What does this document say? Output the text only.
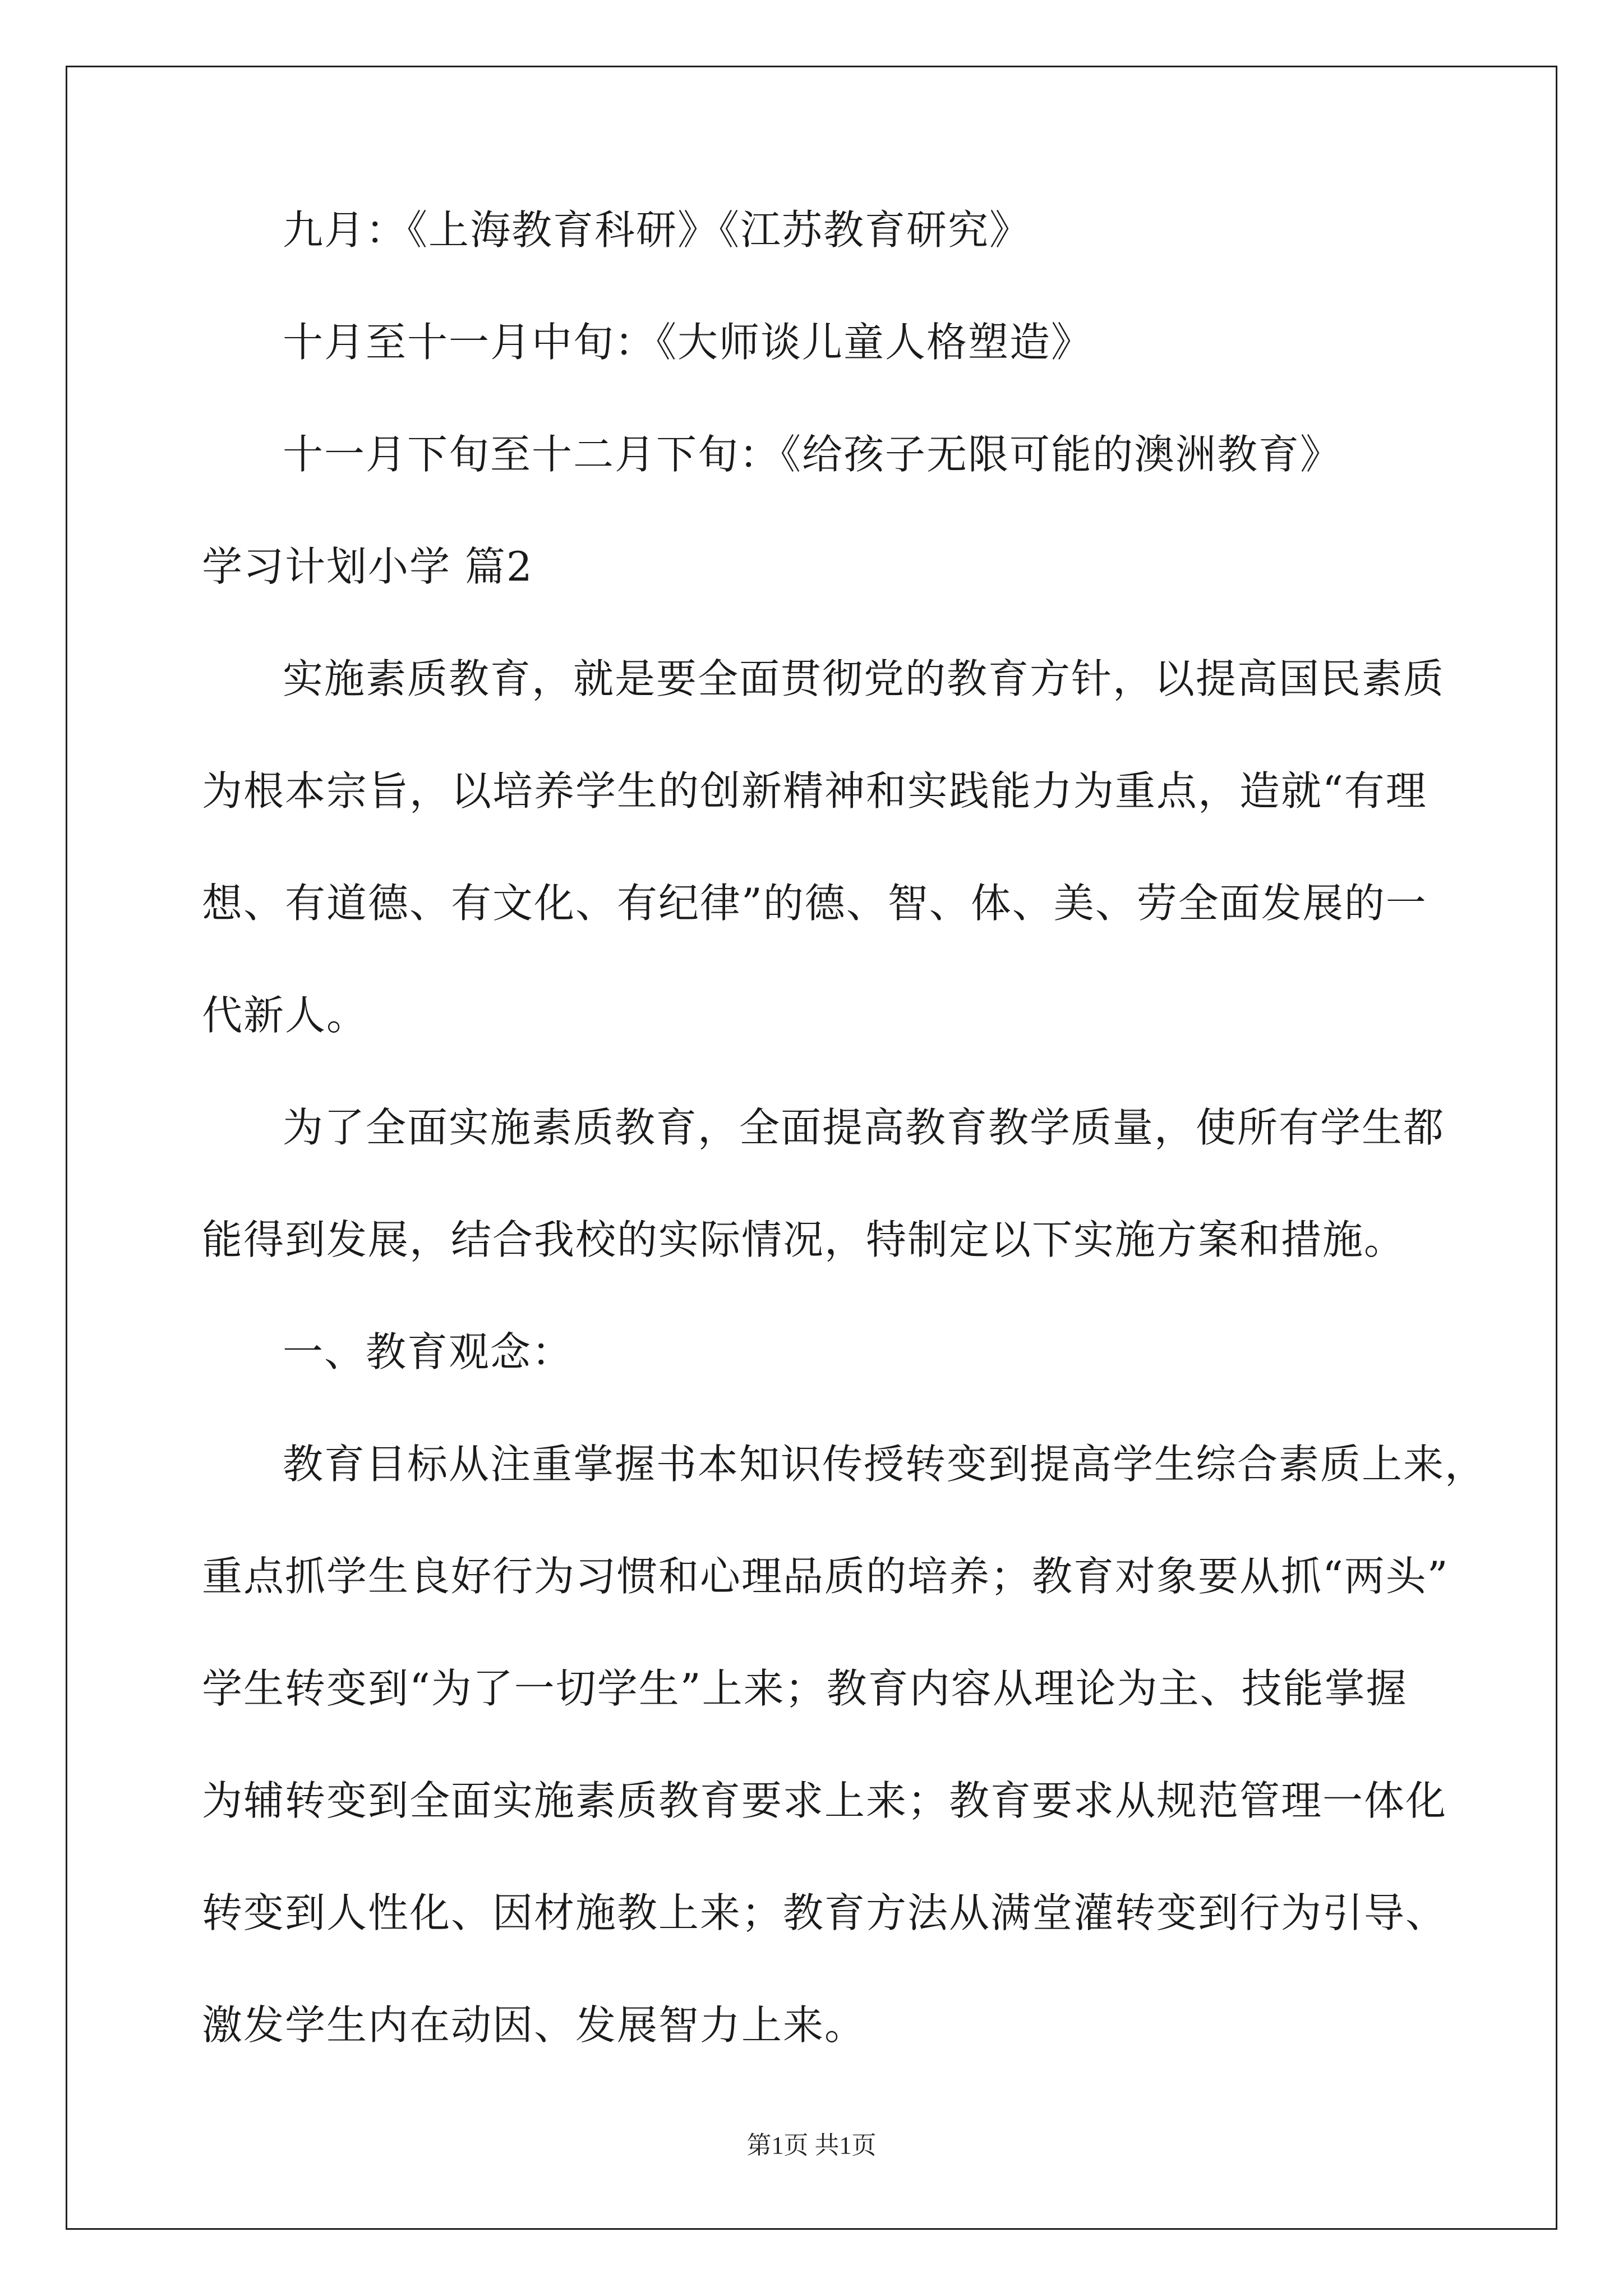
九月：《上海教育科研》《江苏教育研究》
十月至十一月中旬：《大师谈儿童人格塑造》
十一月下旬至十二月下旬：《给孩子无限可能的澳洲教育》
学习计划小学 篇2
实施素质教育，就是要全面贯彻党的教育方针，以提高国民素质
为根本宗旨，以培养学生的创新精神和实践能力为重点，造就“有理
想、有道德、有文化、有纪律”的德、智、体、美、劳全面发展的一
代新人。
为了全面实施素质教育，全面提高教育教学质量，使所有学生都
能得到发展，结合我校的实际情况，特制定以下实施方案和措施。
一、教育观念：
教育目标从注重掌握书本知识传授转变到提高学生综合素质上来，
重点抓学生良好行为习惯和心理品质的培养；教育对象要从抓“两头”
学生转变到“为了一切学生”上来；教育内容从理论为主、技能掌握
为辅转变到全面实施素质教育要求上来；教育要求从规范管理一体化
转变到人性化、因材施教上来；教育方法从满堂灌转变到行为引导、
激发学生内在动因、发展智力上来。
第1页 共1页
